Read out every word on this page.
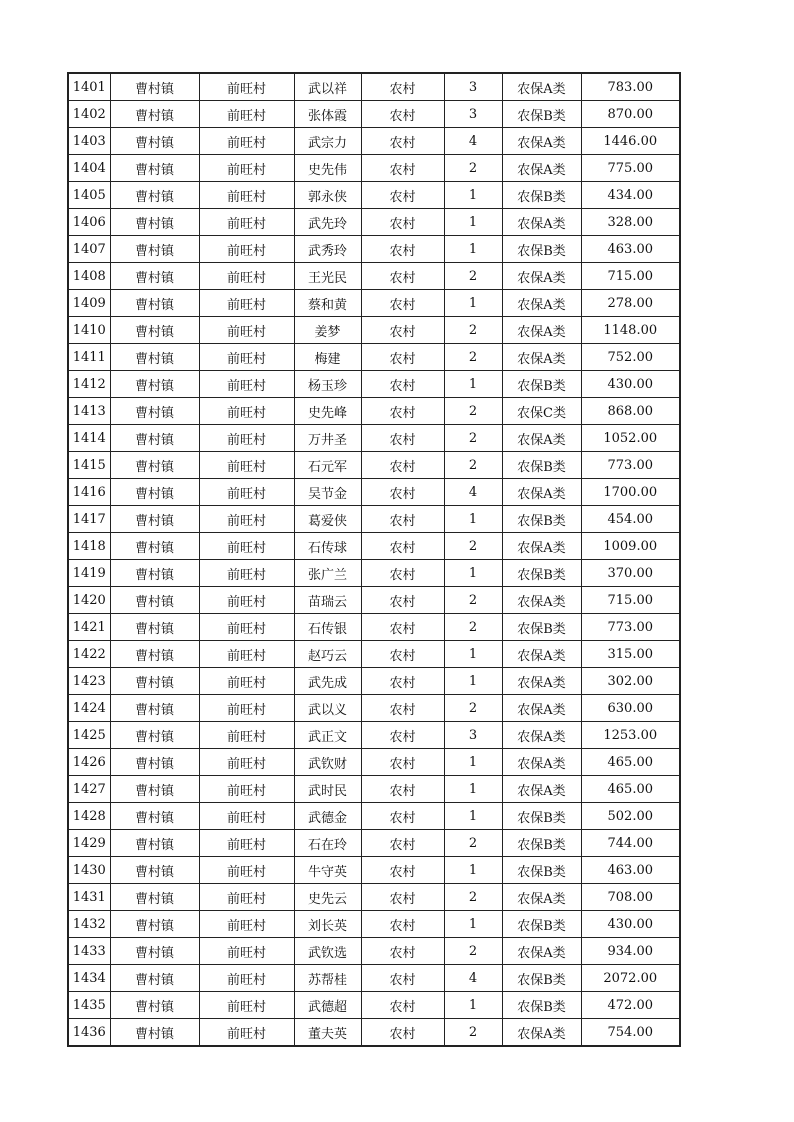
1401	曹村镇	前旺村	武以祥	农村	3	农保A类	783.00
1402	曹村镇	前旺村	张体霞	农村	3	农保B类	870.00
1403	曹村镇	前旺村	武宗力	农村	4	农保A类	1446.00
1404	曹村镇	前旺村	史先伟	农村	2	农保A类	775.00
1405	曹村镇	前旺村	郭永侠	农村	1	农保B类	434.00
1406	曹村镇	前旺村	武先玲	农村	1	农保A类	328.00
1407	曹村镇	前旺村	武秀玲	农村	1	农保B类	463.00
1408	曹村镇	前旺村	王光民	农村	2	农保A类	715.00
1409	曹村镇	前旺村	蔡和黄	农村	1	农保A类	278.00
1410	曹村镇	前旺村	姜梦	农村	2	农保A类	1148.00
1411	曹村镇	前旺村	梅建	农村	2	农保A类	752.00
1412	曹村镇	前旺村	杨玉珍	农村	1	农保B类	430.00
1413	曹村镇	前旺村	史先峰	农村	2	农保C类	868.00
1414	曹村镇	前旺村	万井圣	农村	2	农保A类	1052.00
1415	曹村镇	前旺村	石元军	农村	2	农保B类	773.00
1416	曹村镇	前旺村	吴节金	农村	4	农保A类	1700.00
1417	曹村镇	前旺村	葛爱侠	农村	1	农保B类	454.00
1418	曹村镇	前旺村	石传球	农村	2	农保A类	1009.00
1419	曹村镇	前旺村	张广兰	农村	1	农保B类	370.00
1420	曹村镇	前旺村	苗瑞云	农村	2	农保A类	715.00
1421	曹村镇	前旺村	石传银	农村	2	农保B类	773.00
1422	曹村镇	前旺村	赵巧云	农村	1	农保A类	315.00
1423	曹村镇	前旺村	武先成	农村	1	农保A类	302.00
1424	曹村镇	前旺村	武以义	农村	2	农保A类	630.00
1425	曹村镇	前旺村	武正文	农村	3	农保A类	1253.00
1426	曹村镇	前旺村	武钦财	农村	1	农保A类	465.00
1427	曹村镇	前旺村	武时民	农村	1	农保A类	465.00
1428	曹村镇	前旺村	武德金	农村	1	农保B类	502.00
1429	曹村镇	前旺村	石在玲	农村	2	农保B类	744.00
1430	曹村镇	前旺村	牛守英	农村	1	农保B类	463.00
1431	曹村镇	前旺村	史先云	农村	2	农保A类	708.00
1432	曹村镇	前旺村	刘长英	农村	1	农保B类	430.00
1433	曹村镇	前旺村	武钦选	农村	2	农保A类	934.00
1434	曹村镇	前旺村	苏帮桂	农村	4	农保B类	2072.00
1435	曹村镇	前旺村	武德超	农村	1	农保B类	472.00
1436	曹村镇	前旺村	董夫英	农村	2	农保A类	754.00
